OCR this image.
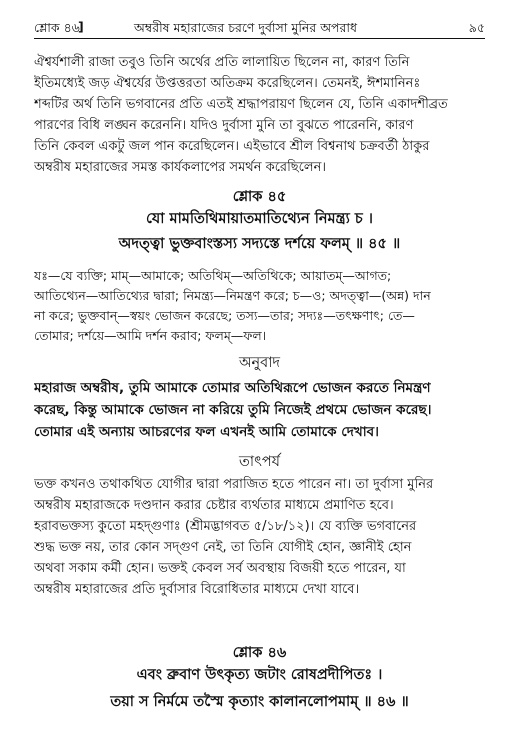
শ্লোক ৪৬
]	অম্বরীষ মহারাজের চরণে দুর্বাসা মুনির অপরাধ	৯৫
ঐশ্বর্যশালী রাজা তবুও তিনি অর্থের প্রতি লালায়িত ছিলেন না, কারণ তিনি
ইতিমধ্যেই জড় ঐশ্বর্যের উপ্তত্তরতা অতিক্রম করেছিলেন। তেমনই, ঈশমানিনঃ
শব্দটির অর্থ তিনি ভগবানের প্রতি এতই শ্রদ্ধাপরায়ণ ছিলেন যে, তিনি একাদশীব্রত
পারণের বিধি লঙ্ঘন করেননি। যদিও দুর্বাসা মুনি তা বুঝতে পারেননি, কারণ
তিনি কেবল একটু জল পান করেছিলেন। এইভাবে শ্রীল বিশ্বনাথ চক্রবর্তী ঠাকুর
অম্বরীষ মহারাজের সমস্ত কার্যকলাপের সমর্থন করেছিলেন।
শ্লোক ৪৫
যো মামতিথিমায়াতমাতিথ্যেন নিমন্ত্র্য চ ।
অদত্ত্বা ভুক্তবাংস্তস্য সদ্যস্তে দর্শয়ে ফলম্ ॥ ৪৫ ॥
যঃ—যে ব্যক্তি; মাম্—আমাকে; অতিথিম্—অতিথিকে; আয়াতম্—আগত;
আতিথ্যেন—আতিথ্যের দ্বারা; নিমন্ত্র্য—নিমন্ত্রণ করে; চ—ও; অদত্ত্বা—(অন্ন) দান
না করে; ভুক্তবান্—স্বয়ং ভোজন করেছে; তস্য—তার; সদ্যঃ—তৎক্ষণাৎ; তে—
তোমার; দর্শয়ে—আমি দর্শন করাব; ফলম্—ফল।
অনুবাদ
মহারাজ অম্বরীষ, তুমি আমাকে তোমার অতিথিরূপে ভোজন করতে নিমন্ত্রণ
করেছ, কিন্তু আমাকে ভোজন না করিয়ে তুমি নিজেই প্রথমে ভোজন করেছ।
তোমার এই অন্যায় আচরণের ফল এখনই আমি তোমাকে দেখাব।
তাৎপর্য
ভক্ত কখনও তথাকথিত যোগীর দ্বারা পরাজিত হতে পারেন না। তা দুর্বাসা মুনির
অম্বরীষ মহারাজকে দণ্ডদান করার চেষ্টার ব্যর্থতার মাধ্যমে প্রমাণিত হবে।
হরাবভক্তস্য কুতো মহদ্গুণাঃ (শ্রীমদ্ভাগবত ৫/১৮/১২)। যে ব্যক্তি ভগবানের
শুদ্ধ ভক্ত নয়, তার কোন সদ্গুণ নেই, তা তিনি যোগীই হোন, জ্ঞানীই হোন
অথবা সকাম কর্মী হোন। ভক্তই কেবল সর্ব অবস্থায় বিজয়ী হতে পারেন, যা
অম্বরীষ মহারাজের প্রতি দুর্বাসার বিরোধিতার মাধ্যমে দেখা যাবে।
শ্লোক ৪৬
এবং ব্রুবাণ উৎকৃত্য জটাং রোষপ্রদীপিতঃ ।
তয়া স নির্মমে তস্মৈ কৃত্যাং কালানলোপমাম্ ॥ ৪৬ ॥
